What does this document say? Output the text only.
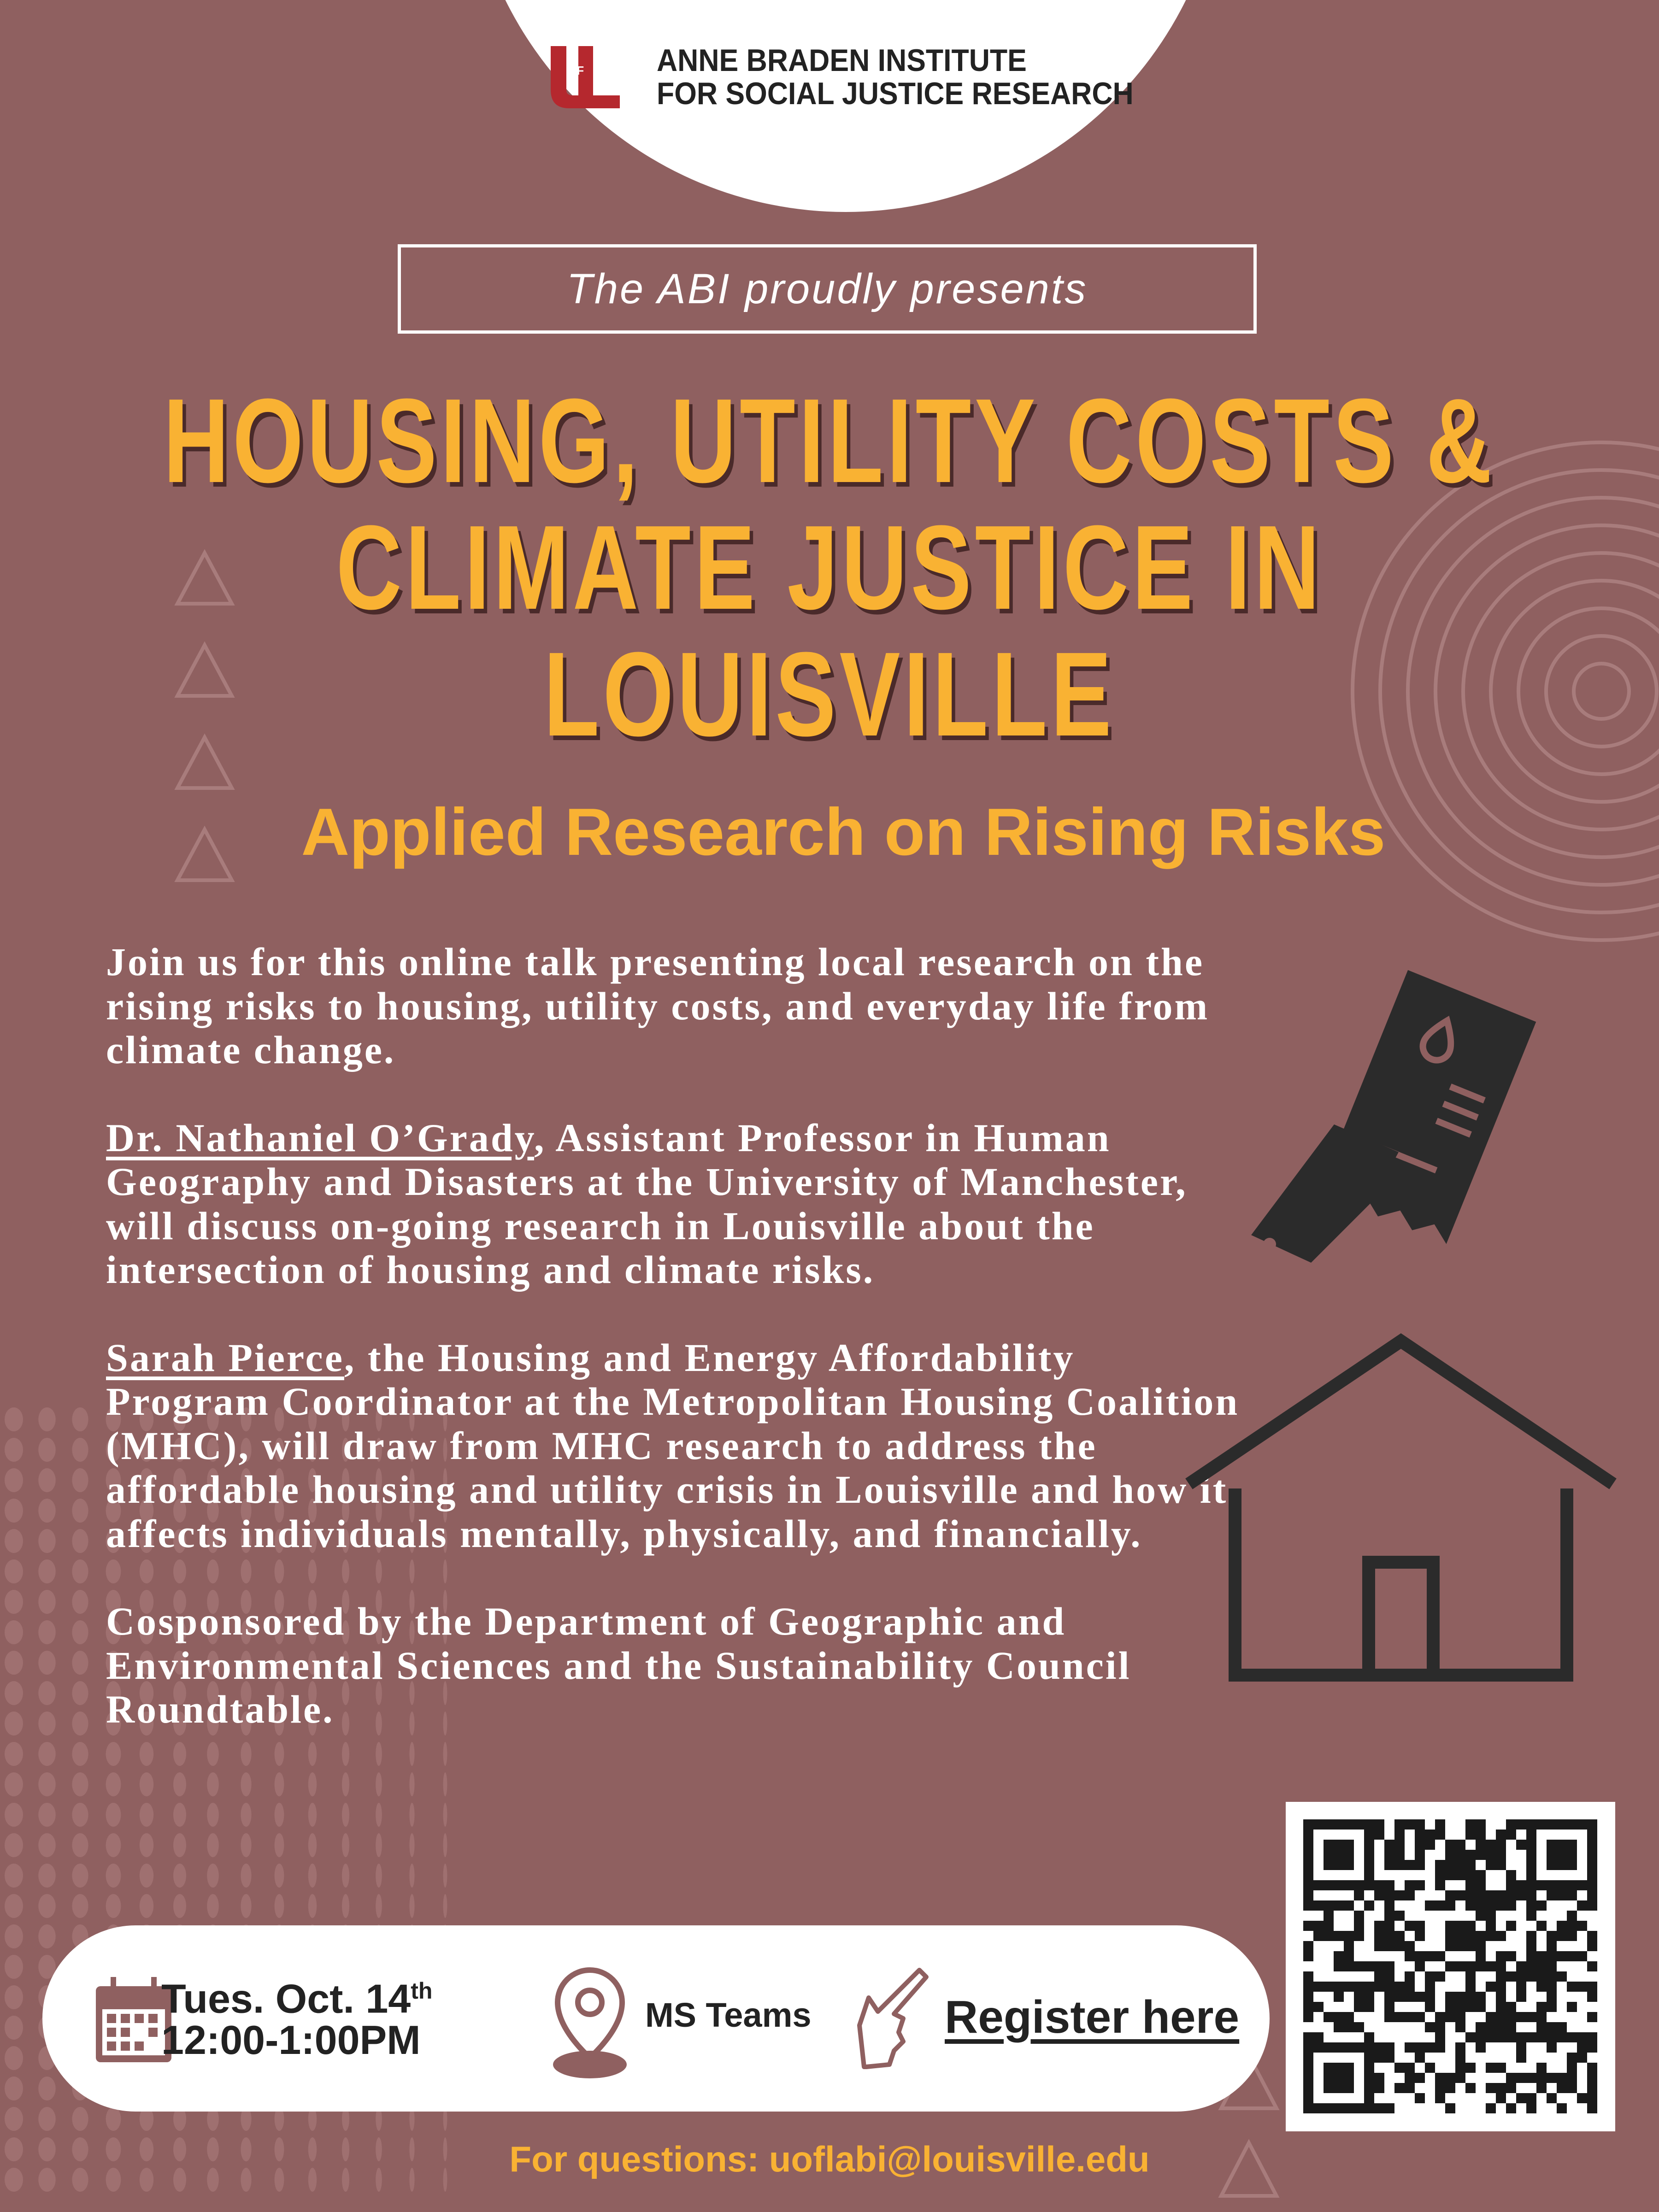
OF ANNE BRADEN INSTITUTE
FOR SOCIAL JUSTICE RESEARCH
The ABI proudly presents
HOUSING, UTILITY COSTS &
CLIMATE JUSTICE IN
LOUISVILLE
Applied Research on Rising Risks

Join us for this online talk presenting local research on the rising risks to housing, utility costs, and everyday life from climate change.

Dr. Nathaniel O’Grady, Assistant Professor in Human Geography and Disasters at the University of Manchester, will discuss on-going research in Louisville about the intersection of housing and climate risks.

Sarah Pierce, the Housing and Energy Affordability Program Coordinator at the Metropolitan Housing Coalition (MHC), will draw from MHC research to address the affordable housing and utility crisis in Louisville and how it affects individuals mentally, physically, and financially.

Cosponsored by the Department of Geographic and Environmental Sciences and the Sustainability Council Roundtable.

Tues. Oct. 14th
12:00-1:00PM
MS Teams	Register here
For questions: uoflabi@louisville.edu
